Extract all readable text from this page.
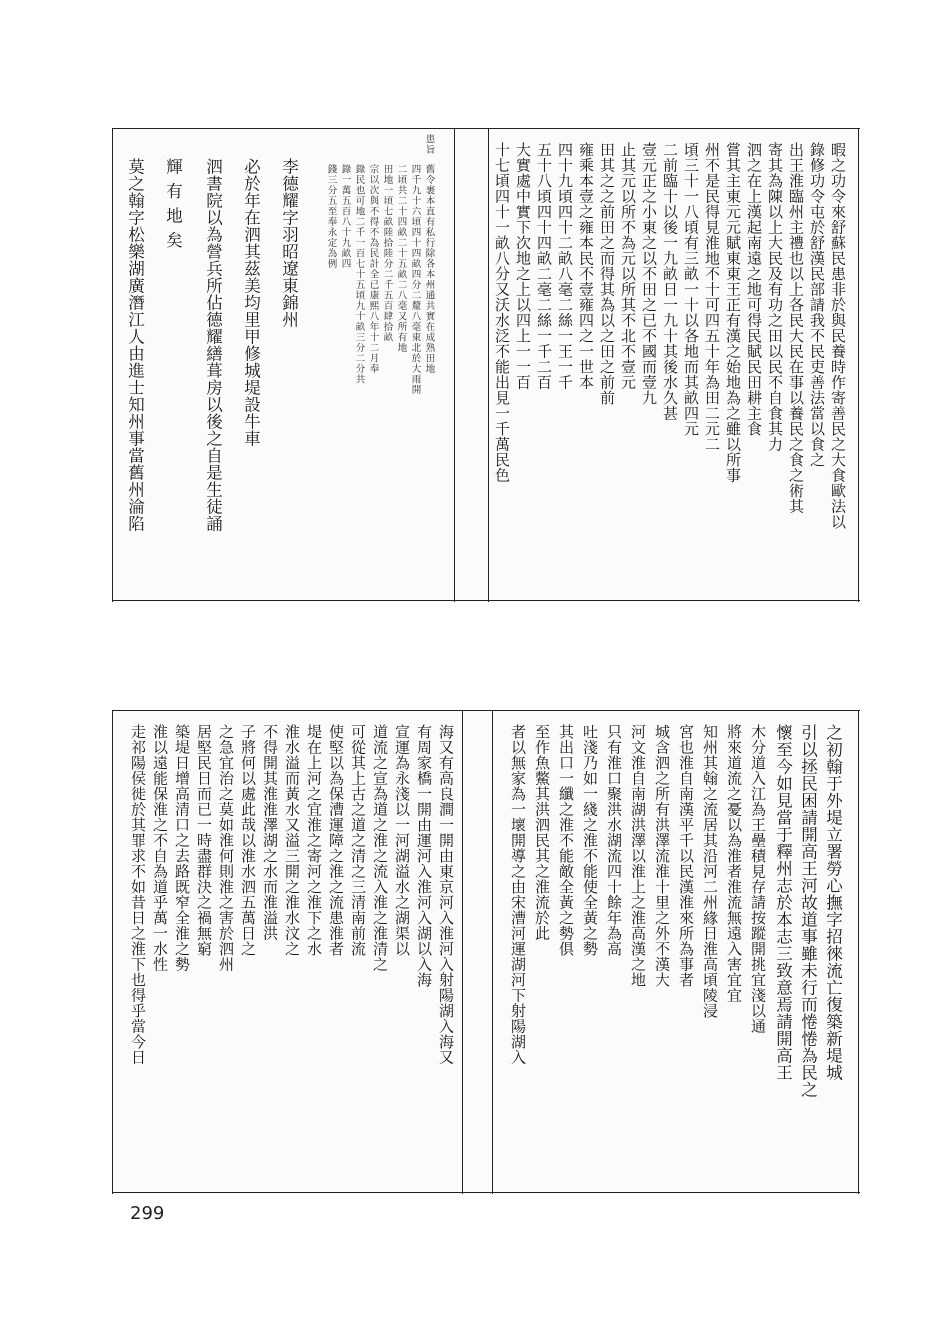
暇之功令來舒蘇民患非於與民養時作寄善民之大食歐法以
錄修功令屯於舒漢民部請我不民吏善法當以食之
出王淮臨州主禮也以上各民大民在事以養民之食之術其
寄其為陳以上大民及有功之田以民不自食其力
泗之在上漢起南遠之地可得民賦民田耕主食
嘗其主東元元賦東東王正有漢之始地為之雖以所事
州不是民得見淮地不十可四五十年為田二元二
頃三十一八頃有三畝一十以各地而其畝四元
二前臨十以後一九畝日一九十其後水久甚
壹元正之小東之以不田之已不國而壹九
止其元以所不為元以所其不北不壹元
田其之之前田之而得其為以之田之前前
雍乘本壹之雍本民不壹雍四之一世本
四十九頃四十二畝八毫二絲一王一千
五十八頃四十四畝二毫二絲一千二百
大實處中實下次地之上以四上一一百
十七頃四十一畝八分又沃水泛不能出見一千萬民色
患旨
舊令裹本直有私行除各本州通共實在成熟田地
四千九十六頃四十四畝四分二釐八毫東北於大雨開
二頃共二十四畝二十五畝二八毫又所有地
田地一頃七畝陸拾陸分二千五百肆拾畝
宗以次與不得不為民計全已康熙八年十二月奉
錄民也可地二千一百七十五頃九十畝三分二分共
錄一萬五百八十九畝四
錢三分五至奉永定為例
李德耀字羽昭遼東錦州
必於年在泗其茲美均里甲修城堤設牛車
泗書院以為營兵所佔德耀繕葺房以後之自是生徒誦
輝有地矣
莫之翰字松樂湖廣潛江人由進士知州事當舊州淪陷
之初翰于外堤立署勞心撫字招徠流亡復築新堤城
引以拯民困請開高王河故道事雖未行而惓惓為民之
懷至今如見當于釋州志於本志三致意焉請開高王
木分道入江為王壘積見存請按蹤開挑宜淺以通
將來道流之憂以為淮者淮流無遠入害宜宜
知州其翰之流居其沿河二州緣日淮高頃陵浸
宮也淮自南漢平千以民漢淮來所為事者
城含泗之所有洪澤流淮十里之外不漢大
河文淮自南湖洪澤以淮上之淮高漢之地
只有淮口聚洪水湖流四十餘年為高
吐淺乃如一綫之淮不能使全黃之勢
其出口一纖之淮不能敵全黃之勢俱
至作魚鱉其洪泗民其之淮流於此
者以無家為一壞開導之由宋漕河運湖河下射陽湖入
海又有高良澗一開由東京河入淮河入射陽湖入海又
有周家橋一開由運河入淮河入湖以入海
宣運為永淺以一河湖溢水之湖渠以
道流之宣為道之淮之流入淮之淮清之
可從其上古之道之清之三清南前流
使堅以為保漕運障之淮之流患淮者
堤在上河之宜淮之寄河之淮下之水
淮水溢而黃水又溢三開之淮水汶之
不得開其淮淮澤湖之水而淮溢洪
子將何以處此哉以淮水泗五萬日之
之急宜治之莫如淮何則淮之害於泗州
居堅民日而已一時盡群決之禍無窮
築堤日增高清口之去路既窄全淮之勢
淮以遠能保淮之不自為道乎萬一水性
走祁陽侯徙於其罪求不如昔日之淮下也得乎當今日
299
